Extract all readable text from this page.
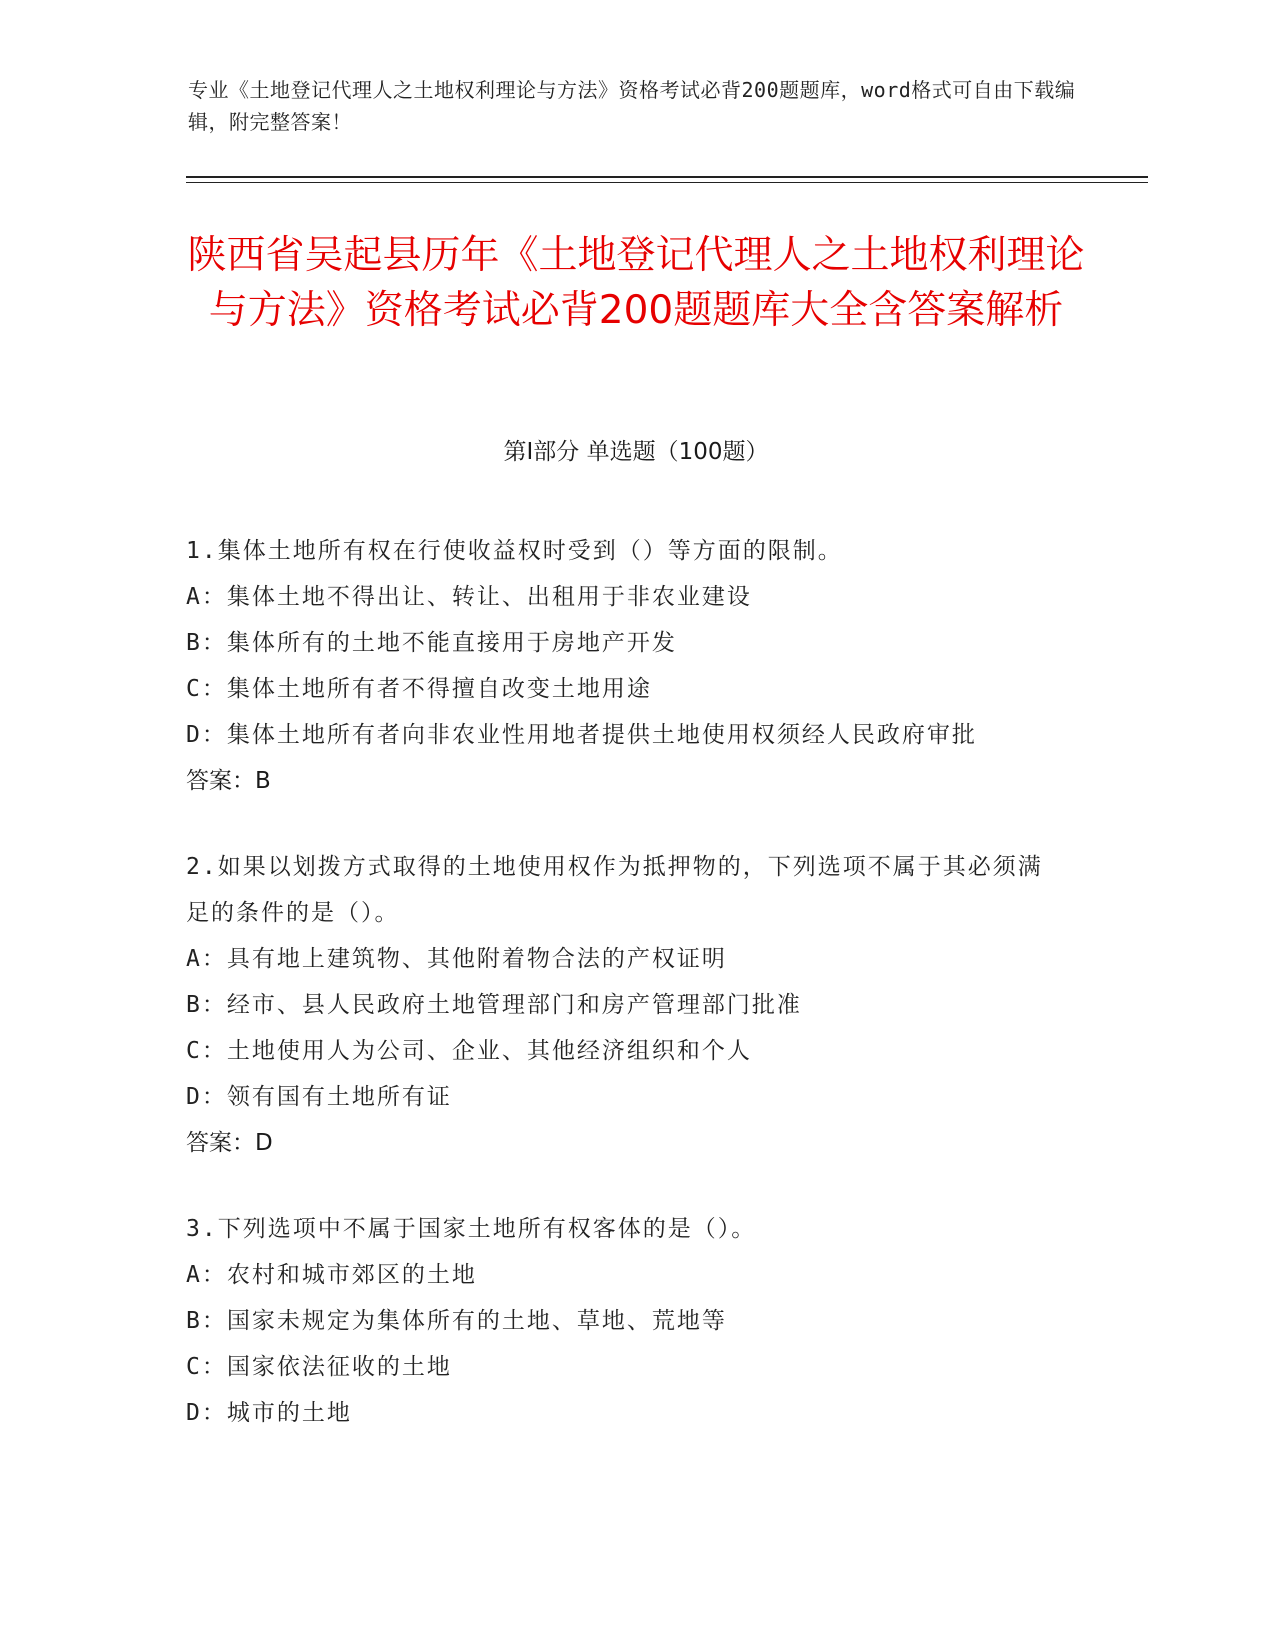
专业《土地登记代理人之土地权利理论与方法》资格考试必背200题题库，word格式可自由下载编辑，附完整答案！
陕西省吴起县历年《土地登记代理人之土地权利理论与方法》资格考试必背200题题库大全含答案解析
第Ⅰ部分 单选题（100题）
1.集体土地所有权在行使收益权时受到（）等方面的限制。
A：集体土地不得出让、转让、出租用于非农业建设
B：集体所有的土地不能直接用于房地产开发
C：集体土地所有者不得擅自改变土地用途
D：集体土地所有者向非农业性用地者提供土地使用权须经人民政府审批
答案：B
2.如果以划拨方式取得的土地使用权作为抵押物的，下列选项不属于其必须满足的条件的是（）。
A：具有地上建筑物、其他附着物合法的产权证明
B：经市、县人民政府土地管理部门和房产管理部门批准
C：土地使用人为公司、企业、其他经济组织和个人
D：领有国有土地所有证
答案：D
3.下列选项中不属于国家土地所有权客体的是（）。
A：农村和城市郊区的土地
B：国家未规定为集体所有的土地、草地、荒地等
C：国家依法征收的土地
D：城市的土地
